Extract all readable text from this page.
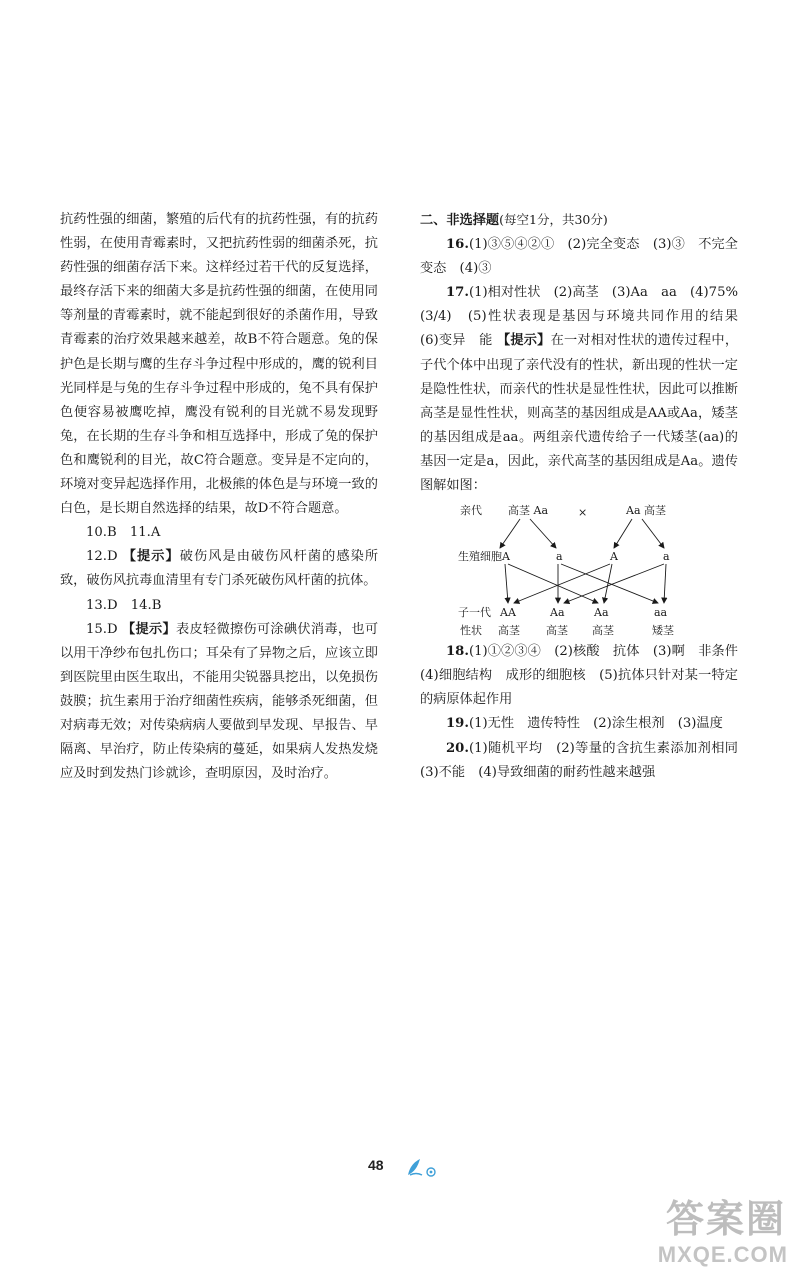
抗药性强的细菌，繁殖的后代有的抗药性强，有的抗药性弱，在使用青霉素时，又把抗药性弱的细菌杀死，抗药性强的细菌存活下来。这样经过若干代的反复选择，最终存活下来的细菌大多是抗药性强的细菌，在使用同等剂量的青霉素时，就不能起到很好的杀菌作用，导致青霉素的治疗效果越来越差，故B不符合题意。兔的保护色是长期与鹰的生存斗争过程中形成的，鹰的锐利目光同样是与兔的生存斗争过程中形成的，兔不具有保护色便容易被鹰吃掉，鹰没有锐利的目光就不易发现野兔，在长期的生存斗争和相互选择中，形成了兔的保护色和鹰锐利的目光，故C符合题意。变异是不定向的，环境对变异起选择作用，北极熊的体色是与环境一致的白色，是长期自然选择的结果，故D不符合题意。

10.B　11.A

12.D 【提示】破伤风是由破伤风杆菌的感染所致，破伤风抗毒血清里有专门杀死破伤风杆菌的抗体。

13.D　14.B

15.D 【提示】表皮轻微擦伤可涂碘伏消毒，也可以用干净纱布包扎伤口；耳朵有了异物之后，应该立即到医院里由医生取出，不能用尖锐器具挖出，以免损伤鼓膜；抗生素用于治疗细菌性疾病，能够杀死细菌，但对病毒无效；对传染病病人要做到早发现、早报告、早隔离、早治疗，防止传染病的蔓延，如果病人发热发烧应及时到发热门诊就诊，查明原因，及时治疗。

二、非选择题(每空1分，共30分)

16.(1)③⑤④②①　(2)完全变态　(3)③　不完全变态　(4)③

17.(1)相对性状　(2)高茎　(3)Aa　aa　(4)75%(3/4)　(5)性状表现是基因与环境共同作用的结果　(6)变异　能 【提示】在一对相对性状的遗传过程中，子代个体中出现了亲代没有的性状，新出现的性状一定是隐性性状，而亲代的性状是显性性状，因此可以推断高茎是显性性状，则高茎的基因组成是AA或Aa，矮茎的基因组成是aa。两组亲代遗传给子一代矮茎(aa)的基因一定是a，因此，亲代高茎的基因组成是Aa。遗传图解如图：

亲代 高茎 Aa	×	Aa 高茎
生殖细胞 A	a	A	a
子一代 AA	Aa	Aa	aa
性状 高茎 高茎 高茎	矮茎

18.(1)①②③④　(2)核酸　抗体　(3)啊　非条件　(4)细胞结构　成形的细胞核　(5)抗体只针对某一特定的病原体起作用

19.(1)无性　遗传特性　(2)涂生根剂　(3)温度

20.(1)随机平均　(2)等量的含抗生素添加剂相同　(3)不能　(4)导致细菌的耐药性越来越强

48
答案圈
MXQE.COM
